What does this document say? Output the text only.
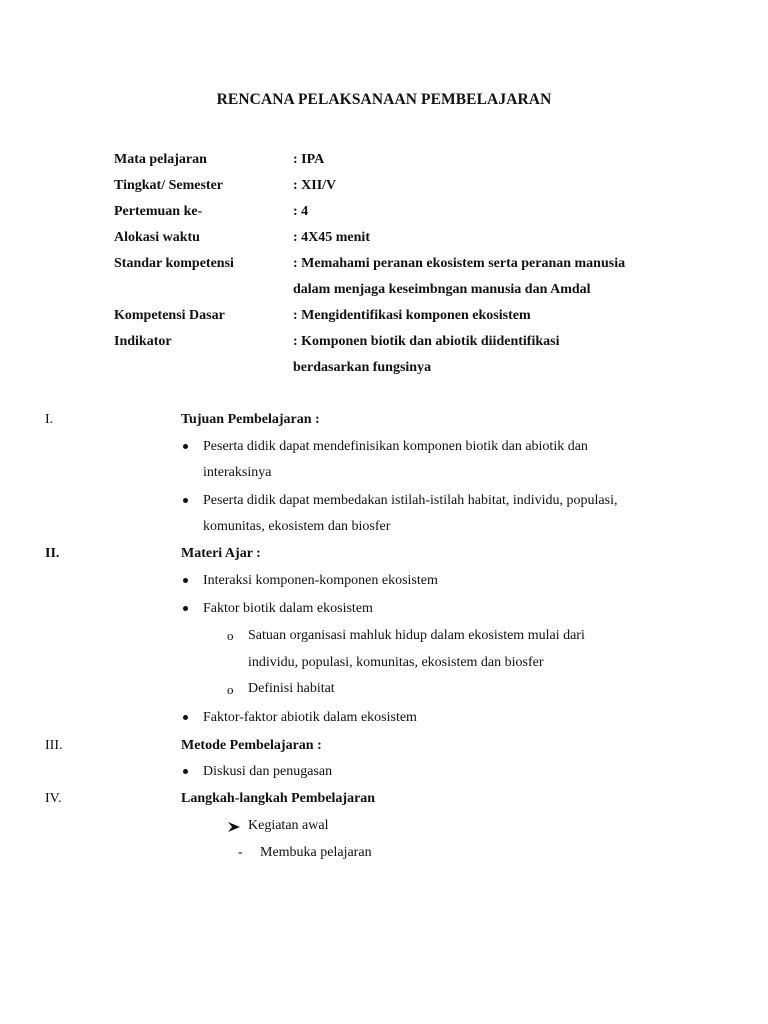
RENCANA PELAKSANAAN PEMBELAJARAN
Mata pelajaran	: IPA
Tingkat/ Semester	: XII/V
Pertemuan ke-	: 4
Alokasi waktu	: 4X45 menit
Standar kompetensi	: Memahami peranan ekosistem serta peranan manusia
dalam menjaga keseimbngan manusia dan Amdal
Kompetensi Dasar	: Mengidentifikasi komponen ekosistem
Indikator	: Komponen biotik dan abiotik diidentifikasi
berdasarkan fungsinya
I.	Tujuan Pembelajaran :
Peserta didik dapat mendefinisikan komponen biotik dan abiotik dan
interaksinya
Peserta didik dapat membedakan istilah-istilah habitat, individu, populasi,
komunitas, ekosistem dan biosfer
II.	Materi Ajar :
Interaksi komponen-komponen ekosistem
Faktor biotik dalam ekosistem
o Satuan organisasi mahluk hidup dalam ekosistem mulai dari
individu, populasi, komunitas, ekosistem dan biosfer
o Definisi habitat
Faktor-faktor abiotik dalam ekosistem
III.	Metode Pembelajaran :
Diskusi dan penugasan
IV.	Langkah-langkah Pembelajaran
Kegiatan awal
- Membuka pelajaran
